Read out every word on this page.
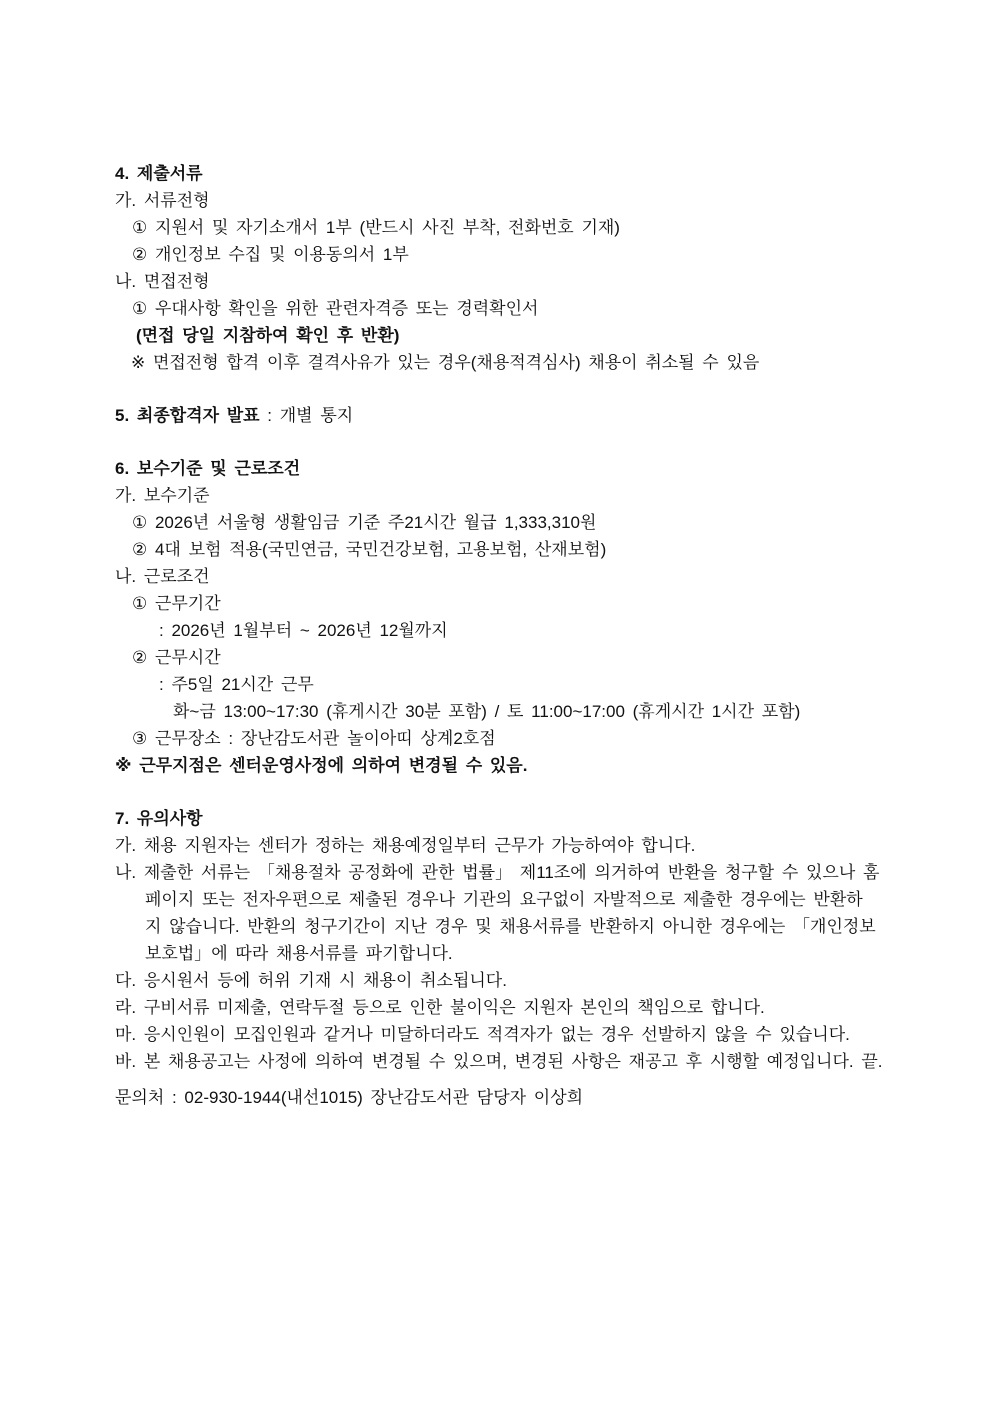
4. 제출서류
가. 서류전형
① 지원서 및 자기소개서 1부 (반드시 사진 부착, 전화번호 기재)
② 개인정보 수집 및 이용동의서 1부
나. 면접전형
① 우대사항 확인을 위한 관련자격증 또는 경력확인서
(면접 당일 지참하여 확인 후 반환)
※ 면접전형 합격 이후 결격사유가 있는 경우(채용적격심사) 채용이 취소될 수 있음
5. 최종합격자 발표 : 개별 통지
6. 보수기준 및 근로조건
가. 보수기준
① 2026년 서울형 생활임금 기준 주21시간 월급 1,333,310원
② 4대 보험 적용(국민연금, 국민건강보험, 고용보험, 산재보험)
나. 근로조건
① 근무기간
: 2026년 1월부터 ~ 2026년 12월까지
② 근무시간
: 주5일 21시간 근무
화~금 13:00~17:30 (휴게시간 30분 포함) / 토 11:00~17:00 (휴게시간 1시간 포함)
③ 근무장소 : 장난감도서관 놀이아띠 상계2호점
※ 근무지점은 센터운영사정에 의하여 변경될 수 있음.
7. 유의사항
가. 채용 지원자는 센터가 정하는 채용예정일부터 근무가 가능하여야 합니다.
나. 제출한 서류는 「채용절차 공정화에 관한 법률」 제11조에 의거하여 반환을 청구할 수 있으나 홈
페이지 또는 전자우편으로 제출된 경우나 기관의 요구없이 자발적으로 제출한 경우에는 반환하
지 않습니다. 반환의 청구기간이 지난 경우 및 채용서류를 반환하지 아니한 경우에는 「개인정보
보호법」에 따라 채용서류를 파기합니다.
다. 응시원서 등에 허위 기재 시 채용이 취소됩니다.
라. 구비서류 미제출, 연락두절 등으로 인한 불이익은 지원자 본인의 책임으로 합니다.
마. 응시인원이 모집인원과 같거나 미달하더라도 적격자가 없는 경우 선발하지 않을 수 있습니다.
바. 본 채용공고는 사정에 의하여 변경될 수 있으며, 변경된 사항은 재공고 후 시행할 예정입니다. 끝.
문의처 : 02-930-1944(내선1015) 장난감도서관 담당자 이상희
